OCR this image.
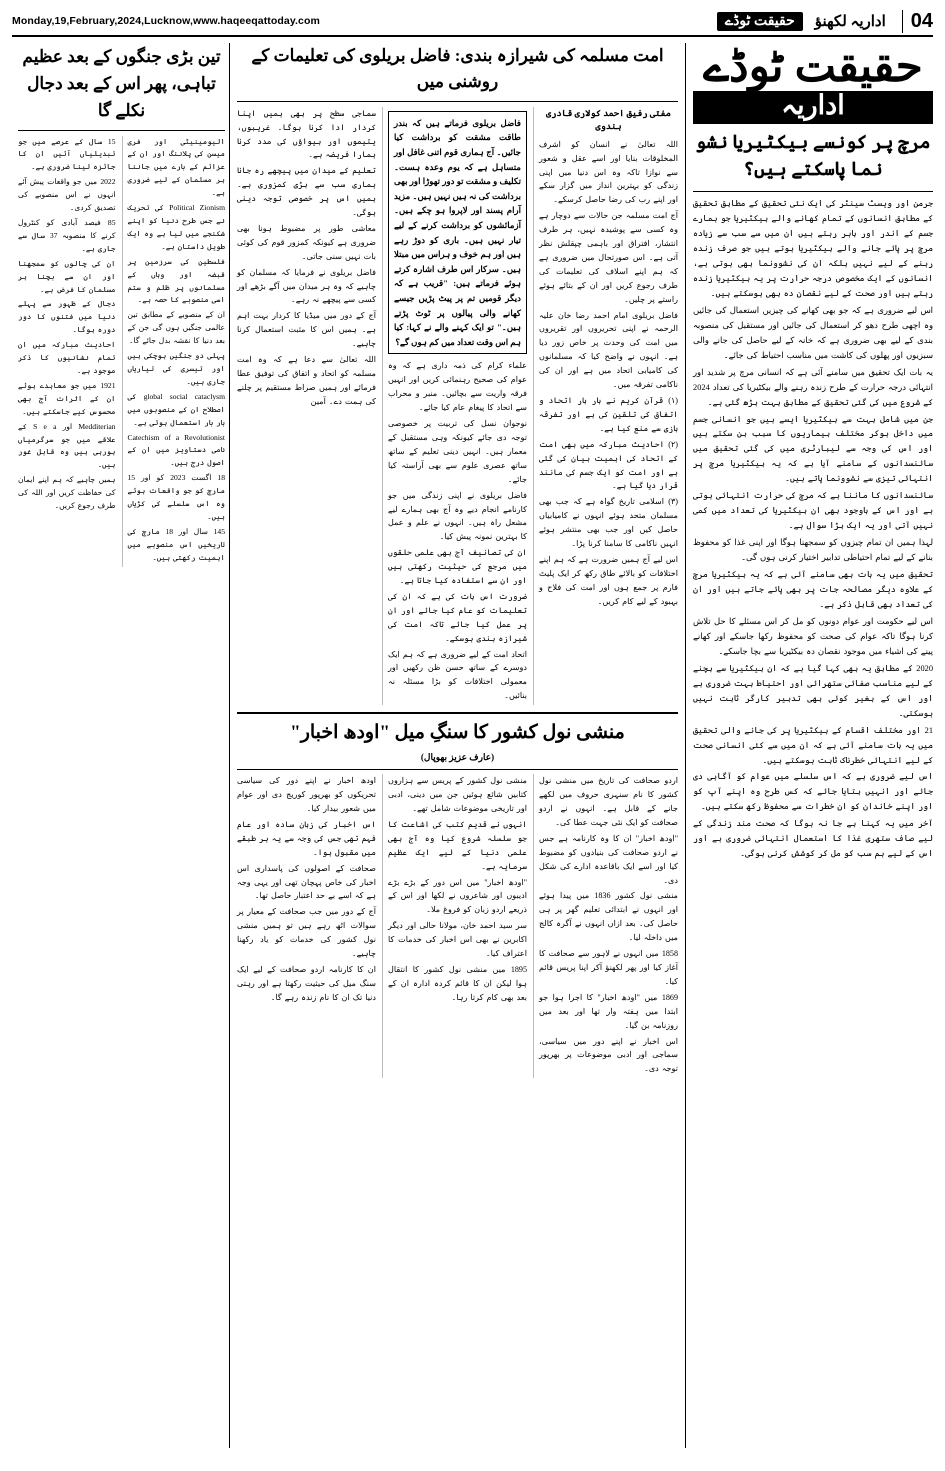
Monday,19,February,2024,Lucknow,www.haqeeqattoday.com	04
اداریہ لکھنؤ
حقیقت ٹوڈے
حقیقت ٹوڈے
اداریہ
مرچ پر کونسے بیکٹیریا نشو نما پاسکتے ہیں؟

جرمن اور ویسٹ سینٹر کی ایک نئی تحقیق کے مطابق تحقیق کے مطابق انسانوں کے تمام کھانے والے بیکٹیریا جو ہمارے جسم کے اندر اور باہر رہتے ہیں ان میں سے سب سے زیادہ مرچ پر پائے جانے والے بیکٹیریا ہوتے ہیں جو صرف زندہ رہنے کے لیے نہیں بلکہ ان کی نشوونما بھی ہوتی ہے، انسانوں کے ایک مخصوص درجہ حرارت پر یہ بیکٹیریا زندہ رہتے ہیں اور صحت کے لیے نقصان دہ بھی ہوسکتے ہیں۔

اس لیے ضروری ہے کہ جو بھی کھانے کی چیزیں استعمال کی جائیں وہ اچھی طرح دھو کر استعمال کی جائیں اور مستقبل کی منصوبہ بندی کے لیے بھی ضروری ہے کہ خانہ کے لیے حاصل کی جانے والی سبزیوں اور پھلوں کی کاشت میں مناسب احتیاط کی جائے۔

یہ بات ایک تحقیق میں سامنے آئی ہے کہ انسانی مرچ پر شدید اور انتہائی درجہ حرارت کے طرح زندہ رہنے والے بیکٹیریا کی تعداد 2024 کے شروع میں کی گئی تحقیق کے مطابق بہت بڑھ گئی ہے۔

جن میں شامل بہت سے بیکٹیریا ایسے ہیں جو انسانی جسم میں داخل ہوکر مختلف بیماریوں کا سبب بن سکتے ہیں اور اس کی وجہ سے لیبارٹری میں کی گئی تحقیق میں سائنسدانوں کے سامنے آیا ہے کہ یہ بیکٹیریا مرچ پر انتہائی تیزی سے نشوونما پاتے ہیں۔

سائنسدانوں کا ماننا ہے کہ مرچ کی حرارت انتہائی ہوتی ہے اور اس کے باوجود بھی ان بیکٹیریا کی تعداد میں کمی نہیں آتی اور یہ ایک بڑا سوال ہے۔

لہذا ہمیں ان تمام چیزوں کو سمجھنا ہوگا اور اپنی غذا کو محفوظ بنانے کے لیے تمام احتیاطی تدابیر اختیار کرنی ہوں گی۔

تحقیق میں یہ بات بھی سامنے آئی ہے کہ یہ بیکٹیریا مرچ کے علاوہ دیگر مصالحہ جات پر بھی پائے جاتے ہیں اور ان کی تعداد بھی قابل ذکر ہے۔

اس لیے حکومت اور عوام دونوں کو مل کر اس مسئلے کا حل تلاش کرنا ہوگا تاکہ عوام کی صحت کو محفوظ رکھا جاسکے اور کھانے پینے کی اشیاء میں موجود نقصان دہ بیکٹیریا سے بچا جاسکے۔

2020 کے مطابق یہ بھی کہا گیا ہے کہ ان بیکٹیریا سے بچنے کے لیے مناسب صفائی ستھرائی اور احتیاط بہت ضروری ہے اور اس کے بغیر کوئی بھی تدبیر کارگر ثابت نہیں ہوسکتی۔

21 اور مختلف اقسام کے بیکٹیریا پر کی جانے والی تحقیق میں یہ بات سامنے آئی ہے کہ ان میں سے کئی انسانی صحت کے لیے انتہائی خطرناک ثابت ہوسکتے ہیں۔

اس لیے ضروری ہے کہ اس سلسلے میں عوام کو آگاہی دی جائے اور انہیں بتایا جائے کہ کس طرح وہ اپنے آپ کو اور اپنے خاندان کو ان خطرات سے محفوظ رکھ سکتے ہیں۔

آخر میں یہ کہنا بے جا نہ ہوگا کہ صحت مند زندگی کے لیے صاف ستھری غذا کا استعمال انتہائی ضروری ہے اور اس کے لیے ہم سب کو مل کر کوشش کرنی ہوگی۔

امت مسلمہ کی شیرازہ بندی: فاضل بریلوی کی تعلیمات کے روشنی میں
مفتی رفیق احمد کولاری قادری ہندوی

اللہ تعالیٰ نے انسان کو اشرف المخلوقات بنایا اور اسے عقل و شعور سے نوازا تاکہ وہ اس دنیا میں اپنی زندگی کو بہترین انداز میں گزار سکے اور اپنے رب کی رضا حاصل کرسکے۔

آج امت مسلمہ جن حالات سے دوچار ہے وہ کسی سے پوشیدہ نہیں، ہر طرف انتشار، افتراق اور باہمی چپقلش نظر آتی ہے۔ اس صورتحال میں ضروری ہے کہ ہم اپنے اسلاف کی تعلیمات کی طرف رجوع کریں اور ان کے بتائے ہوئے راستے پر چلیں۔

فاضل بریلوی امام احمد رضا خان علیہ الرحمہ نے اپنی تحریروں اور تقریروں میں امت کی وحدت پر خاص زور دیا ہے۔ انہوں نے واضح کیا کہ مسلمانوں کی کامیابی اتحاد میں ہے اور ان کی ناکامی تفرقہ میں۔

(۱) قرآن کریم نے بار بار اتحاد و اتفاق کی تلقین کی ہے اور تفرقہ بازی سے منع کیا ہے۔

(۲) احادیث مبارکہ میں بھی امت کے اتحاد کی اہمیت بیان کی گئی ہے اور امت کو ایک جسم کی مانند قرار دیا گیا ہے۔

(۳) اسلامی تاریخ گواہ ہے کہ جب بھی مسلمان متحد ہوئے انہوں نے کامیابیاں حاصل کیں اور جب بھی منتشر ہوئے انہیں ناکامی کا سامنا کرنا پڑا۔

اس لیے آج ہمیں ضرورت ہے کہ ہم اپنے اختلافات کو بالائے طاق رکھ کر ایک پلیٹ فارم پر جمع ہوں اور امت کی فلاح و بہبود کے لیے کام کریں۔

فاضل بریلوی فرماتے ہیں کہ بندر طاقت مشقت کو برداشت کیا جائیں۔ آج ہماری قوم اتنی غافل اور متساہل ہے کہ یوم وعدہ ہست۔ تکلیف و مشقت تو دور تھوڑا اور بھی برداشت کی نہ ہیں نہیں ہیں۔ مزید آرام پسند اور لاپروا ہو چکے ہیں۔ آزمائشوں کو برداشت کرنے کے لیے تیار نہیں ہیں۔ باری کو دوڑ رہے ہیں اور ہم خوف و ہراس میں مبتلا ہیں۔ سرکار اس طرف اشارہ کرتے ہوئے فرماتے ہیں: "قریب ہے کہ دیگر قومیں تم پر پیٹ پڑیں جیسے کھانے والی پیالوں پر ٹوٹ پڑتے ہیں۔" تو ایک کہنے والے نے کہا: کیا ہم اس وقت تعداد میں کم ہوں گے؟

علماء کرام کی ذمہ داری ہے کہ وہ عوام کی صحیح رہنمائی کریں اور انہیں فرقہ واریت سے بچائیں۔ منبر و محراب سے اتحاد کا پیغام عام کیا جائے۔

نوجوان نسل کی تربیت پر خصوصی توجہ دی جائے کیونکہ وہی مستقبل کے معمار ہیں۔ انہیں دینی تعلیم کے ساتھ ساتھ عصری علوم سے بھی آراستہ کیا جائے۔

فاضل بریلوی نے اپنی زندگی میں جو کارنامے انجام دیے وہ آج بھی ہمارے لیے مشعل راہ ہیں۔ انہوں نے علم و عمل کا بہترین نمونہ پیش کیا۔

ان کی تصانیف آج بھی علمی حلقوں میں مرجع کی حیثیت رکھتی ہیں اور ان سے استفادہ کیا جاتا ہے۔

ضرورت اس بات کی ہے کہ ان کی تعلیمات کو عام کیا جائے اور ان پر عمل کیا جائے تاکہ امت کی شیرازہ بندی ہوسکے۔

اتحاد امت کے لیے ضروری ہے کہ ہم ایک دوسرے کے ساتھ حسن ظن رکھیں اور معمولی اختلافات کو بڑا مسئلہ نہ بنائیں۔

سماجی سطح پر بھی ہمیں اپنا کردار ادا کرنا ہوگا۔ غریبوں، یتیموں اور بیواؤں کی مدد کرنا ہمارا فریضہ ہے۔

تعلیم کے میدان میں پیچھے رہ جانا ہماری سب سے بڑی کمزوری ہے۔ ہمیں اس پر خصوصی توجہ دینی ہوگی۔

معاشی طور پر مضبوط ہونا بھی ضروری ہے کیونکہ کمزور قوم کی کوئی بات نہیں سنی جاتی۔

فاضل بریلوی نے فرمایا کہ مسلمان کو چاہیے کہ وہ ہر میدان میں آگے بڑھے اور کسی سے پیچھے نہ رہے۔

آج کے دور میں میڈیا کا کردار بہت اہم ہے۔ ہمیں اس کا مثبت استعمال کرنا چاہیے۔

اللہ تعالیٰ سے دعا ہے کہ وہ امت مسلمہ کو اتحاد و اتفاق کی توفیق عطا فرمائے اور ہمیں صراط مستقیم پر چلنے کی ہمت دے۔ آمین

منشی نول کشور کا سنگِ میل "اودھ اخبار"
(عارف عزیز بھوپال)

اردو صحافت کی تاریخ میں منشی نول کشور کا نام سنہری حروف میں لکھے جانے کے قابل ہے۔ انہوں نے اردو صحافت کو ایک نئی جہت عطا کی۔

"اودھ اخبار" ان کا وہ کارنامہ ہے جس نے اردو صحافت کی بنیادوں کو مضبوط کیا اور اسے ایک باقاعدہ ادارے کی شکل دی۔

منشی نول کشور 1836 میں پیدا ہوئے اور انہوں نے ابتدائی تعلیم گھر پر ہی حاصل کی۔ بعد ازاں انہوں نے آگرہ کالج میں داخلہ لیا۔

1858 میں انہوں نے لاہور سے صحافت کا آغاز کیا اور پھر لکھنؤ آکر اپنا پریس قائم کیا۔

1869 میں "اودھ اخبار" کا اجرا ہوا جو ابتدا میں ہفتہ وار تھا اور بعد میں روزنامہ بن گیا۔

اس اخبار نے اپنے دور میں سیاسی، سماجی اور ادبی موضوعات پر بھرپور توجہ دی۔

منشی نول کشور کے پریس سے ہزاروں کتابیں شائع ہوئیں جن میں دینی، ادبی اور تاریخی موضوعات شامل تھے۔

انہوں نے قدیم کتب کی اشاعت کا جو سلسلہ شروع کیا وہ آج بھی علمی دنیا کے لیے ایک عظیم سرمایہ ہے۔

"اودھ اخبار" میں اس دور کے بڑے بڑے ادیبوں اور شاعروں نے لکھا اور اس کے ذریعے اردو زبان کو فروغ ملا۔

سر سید احمد خان، مولانا حالی اور دیگر اکابرین نے بھی اس اخبار کی خدمات کا اعتراف کیا۔

1895 میں منشی نول کشور کا انتقال ہوا لیکن ان کا قائم کردہ ادارہ ان کے بعد بھی کام کرتا رہا۔

اودھ اخبار نے اپنے دور کی سیاسی تحریکوں کو بھرپور کوریج دی اور عوام میں شعور بیدار کیا۔

اس اخبار کی زبان سادہ اور عام فہم تھی جس کی وجہ سے یہ ہر طبقے میں مقبول ہوا۔

صحافت کے اصولوں کی پاسداری اس اخبار کی خاص پہچان تھی اور یہی وجہ ہے کہ اسے بے حد اعتبار حاصل تھا۔

آج کے دور میں جب صحافت کے معیار پر سوالات اٹھ رہے ہیں تو ہمیں منشی نول کشور کی خدمات کو یاد رکھنا چاہیے۔

ان کا کارنامہ اردو صحافت کے لیے ایک سنگ میل کی حیثیت رکھتا ہے اور رہتی دنیا تک ان کا نام زندہ رہے گا۔

تین بڑی جنگوں کے بعد عظیم تباہی، پھر اس کے بعد دجال نکلے گا

الیومینیٹی اور فری میسن کی پلاننگ اور ان کے عزائم کے بارے میں جاننا ہر مسلمان کے لیے ضروری ہے۔

Political Zionism کی تحریک نے جس طرح دنیا کو اپنے شکنجے میں لیا ہے وہ ایک طویل داستان ہے۔

فلسطین کی سرزمین پر قبضہ اور وہاں کے مسلمانوں پر ظلم و ستم اسی منصوبے کا حصہ ہے۔

ان کے منصوبے کے مطابق تین عالمی جنگیں ہوں گی جن کے بعد دنیا کا نقشہ بدل جائے گا۔

پہلی دو جنگیں ہوچکی ہیں اور تیسری کی تیاریاں جاری ہیں۔

global social cataclysm کی اصطلاح ان کے منصوبوں میں بار بار استعمال ہوئی ہے۔

Catechism of a Revolutionist نامی دستاویز میں ان کے اصول درج ہیں۔

18 اگست 2023 کو اور 15 مارچ کو جو واقعات ہوئے وہ اس سلسلے کی کڑیاں ہیں۔

145 سال اور 18 مارچ کی تاریخیں اس منصوبے میں اہمیت رکھتی ہیں۔

15 سال کے عرصے میں جو تبدیلیاں آئیں ان کا جائزہ لینا ضروری ہے۔

2022 میں جو واقعات پیش آئے انہوں نے اس منصوبے کی تصدیق کردی۔

85 فیصد آبادی کو کنٹرول کرنے کا منصوبہ 37 سال سے جاری ہے۔

ان کی چالوں کو سمجھنا اور ان سے بچنا ہر مسلمان کا فرض ہے۔

دجال کے ظہور سے پہلے دنیا میں فتنوں کا دور دورہ ہوگا۔

احادیث مبارکہ میں ان تمام نشانیوں کا ذکر موجود ہے۔

1921 میں جو معاہدے ہوئے ان کے اثرات آج بھی محسوس کیے جاسکتے ہیں۔

Medditerian اور S e a کے علاقے میں جو سرگرمیاں ہورہی ہیں وہ قابل غور ہیں۔

ہمیں چاہیے کہ ہم اپنے ایمان کی حفاظت کریں اور اللہ کی طرف رجوع کریں۔
